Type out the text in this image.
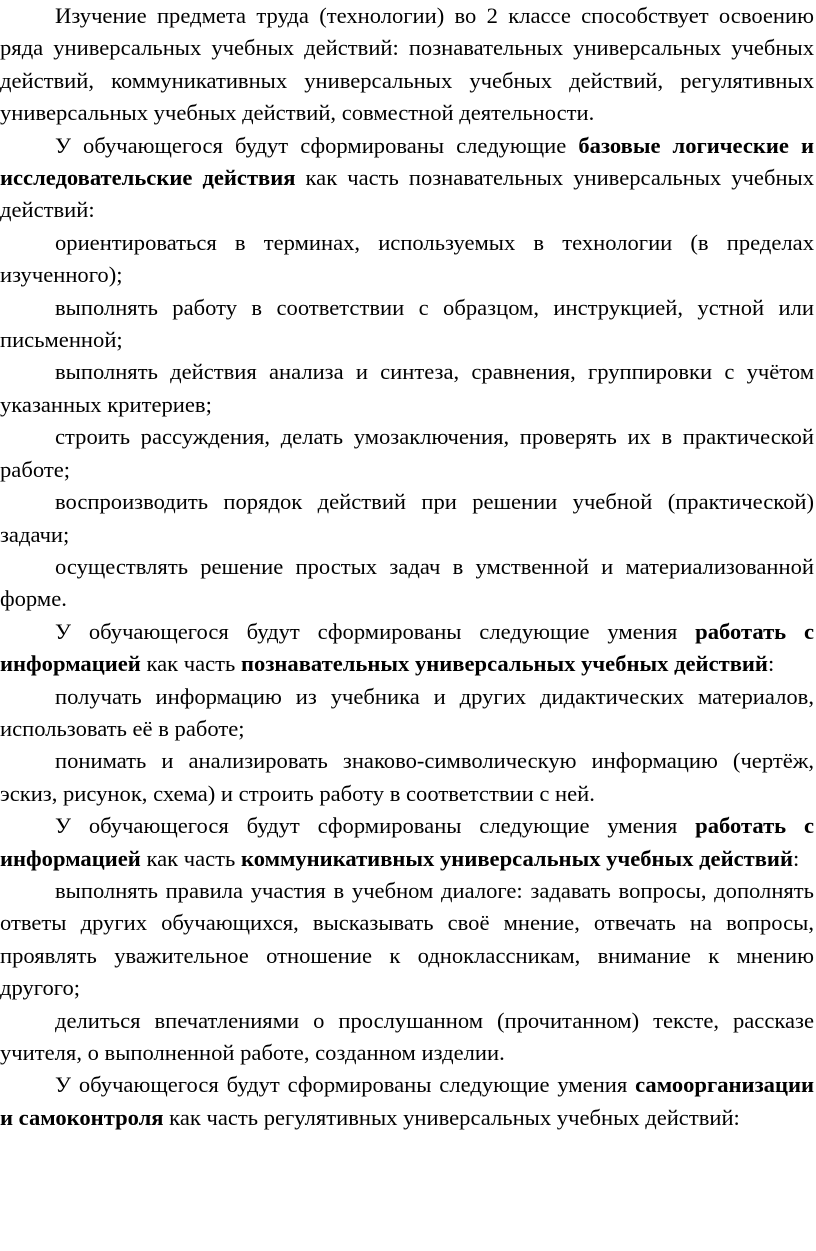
Изучение предмета труда (технологии) во 2 классе способствует освоению ряда универсальных учебных действий: познавательных универсальных учебных действий, коммуникативных универсальных учебных действий, регулятивных универсальных учебных действий, совместной деятельности.

У обучающегося будут сформированы следующие базовые логические и исследовательские действия как часть познавательных универсальных учебных действий:

ориентироваться в терминах, используемых в технологии (в пределах изученного);

выполнять работу в соответствии с образцом, инструкцией, устной или письменной;

выполнять действия анализа и синтеза, сравнения, группировки с учётом указанных критериев;

строить рассуждения, делать умозаключения, проверять их в практической работе;

воспроизводить порядок действий при решении учебной (практической) задачи;

осуществлять решение простых задач в умственной и материализованной форме.

У обучающегося будут сформированы следующие умения работать с информацией как часть познавательных универсальных учебных действий:

получать информацию из учебника и других дидактических материалов, использовать её в работе;

понимать и анализировать знаково-символическую информацию (чертёж, эскиз, рисунок, схема) и строить работу в соответствии с ней.

У обучающегося будут сформированы следующие умения работать с информацией как часть коммуникативных универсальных учебных действий:

выполнять правила участия в учебном диалоге: задавать вопросы, дополнять ответы других обучающихся, высказывать своё мнение, отвечать на вопросы, проявлять уважительное отношение к одноклассникам, внимание к мнению другого;

делиться впечатлениями о прослушанном (прочитанном) тексте, рассказе учителя, о выполненной работе, созданном изделии.

У обучающегося будут сформированы следующие умения самоорганизации и самоконтроля как часть регулятивных универсальных учебных действий:
